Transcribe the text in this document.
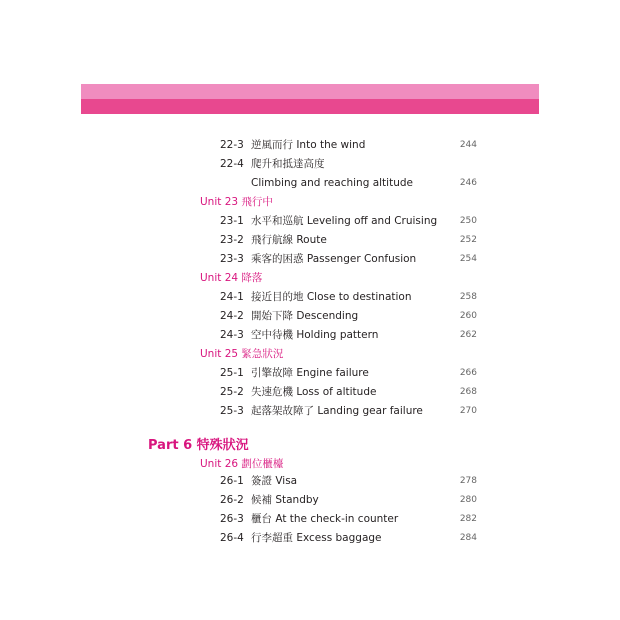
22-3 逆風而行 Into the wind	244
22-4 爬升和抵達高度
Climbing and reaching altitude	246
Unit 23 飛行中
23-1 水平和巡航 Leveling off and Cruising	250
23-2 飛行航線 Route	252
23-3 乘客的困惑 Passenger Confusion	254
Unit 24 降落
24-1 接近目的地 Close to destination	258
24-2 開始下降 Descending	260
24-3 空中待機 Holding pattern	262
Unit 25 緊急狀況
25-1 引擎故障 Engine failure	266
25-2 失速危機 Loss of altitude	268
25-3 起落架故障了 Landing gear failure	270
Part 6 特殊狀況
Unit 26 劃位櫃檯
26-1 簽證 Visa	278
26-2 候補 Standby	280
26-3 櫃台 At the check-in counter	282
26-4 行李超重 Excess baggage	284
